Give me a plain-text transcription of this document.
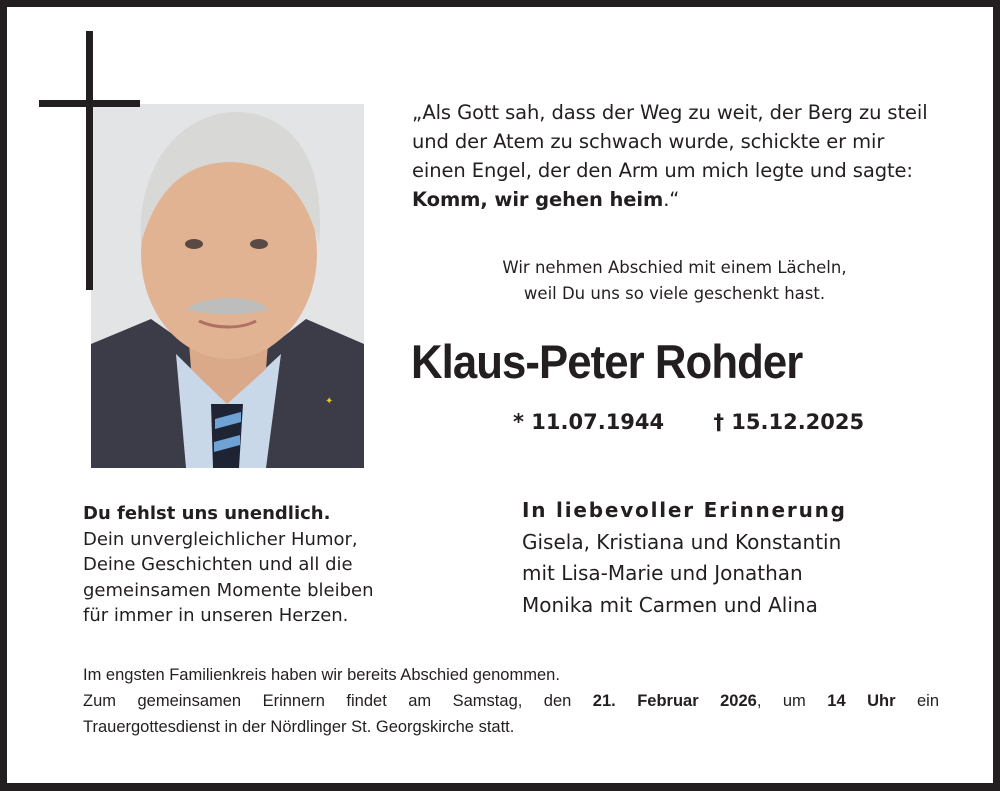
✦
„Als Gott sah, dass der Weg zu weit, der Berg zu steil
und der Atem zu schwach wurde, schickte er mir
einen Engel, der den Arm um mich legte und sagte:
Komm, wir gehen heim.“
Wir nehmen Abschied mit einem Lächeln,
weil Du uns so viele geschenkt hast.
Klaus-Peter Rohder
* 11.07.1944 † 15.12.2025
Du fehlst uns unendlich.
Dein unvergleichlicher Humor,
Deine Geschichten und all die
gemeinsamen Momente bleiben
für immer in unseren Herzen.
In liebevoller Erinnerung
Gisela, Kristiana und Konstantin
mit Lisa-Marie und Jonathan
Monika mit Carmen und Alina
Im engsten Familienkreis haben wir bereits Abschied genommen.
Zum gemeinsamen Erinnern findet am Samstag, den 21. Februar 2026, um 14 Uhr ein
Trauergottesdienst in der Nördlinger St. Georgskirche statt.
